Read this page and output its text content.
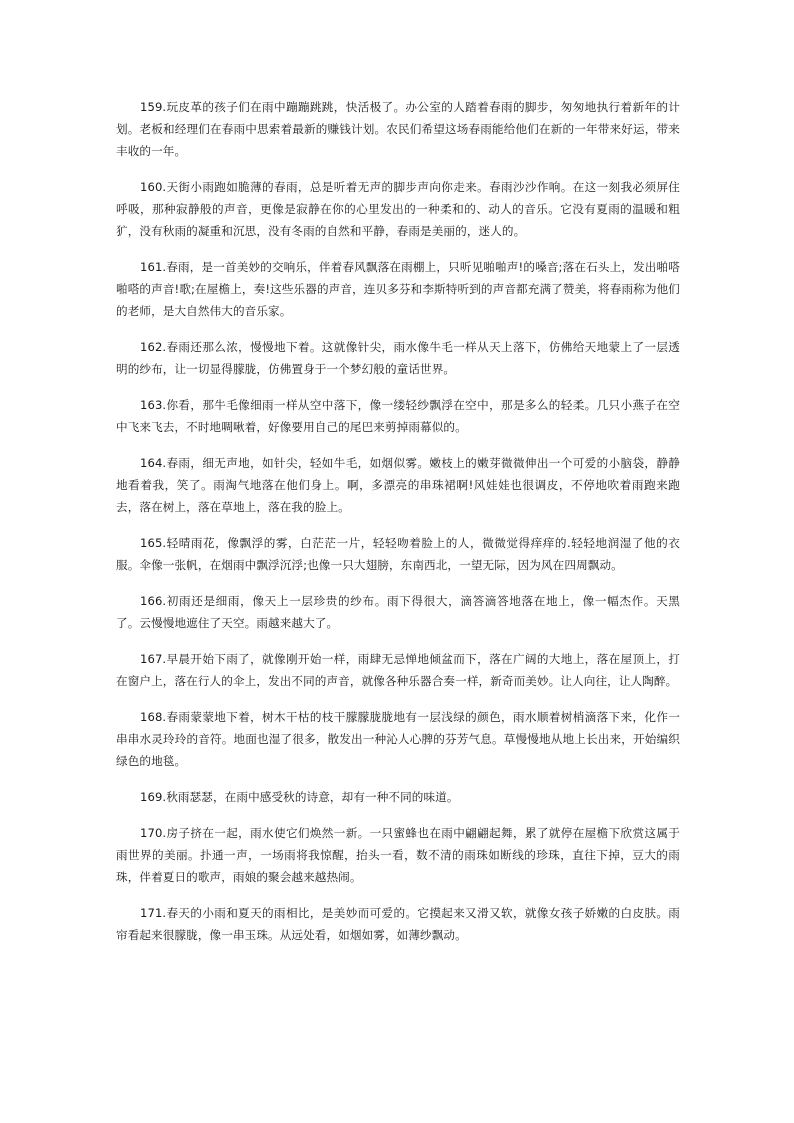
159.玩皮革的孩子们在雨中蹦蹦跳跳，快活极了。办公室的人踏着春雨的脚步，匆匆地执行着新年的计划。老板和经理们在春雨中思索着最新的赚钱计划。农民们希望这场春雨能给他们在新的一年带来好运，带来丰收的一年。

160.天街小雨跑如脆薄的春雨，总是听着无声的脚步声向你走来。春雨沙沙作响。在这一刻我必须屏住呼吸，那种寂静般的声音，更像是寂静在你的心里发出的一种柔和的、动人的音乐。它没有夏雨的温暖和粗犷，没有秋雨的凝重和沉思，没有冬雨的自然和平静，春雨是美丽的，迷人的。

161.春雨，是一首美妙的交响乐，伴着春风飘落在雨棚上，只听见啪啪声!的嗓音;落在石头上，发出啪嗒啪嗒的声音!歌;在屋檐上，奏!这些乐器的声音，连贝多芬和李斯特听到的声音都充满了赞美，将春雨称为他们的老师，是大自然伟大的音乐家。

162.春雨还那么浓，慢慢地下着。这就像针尖，雨水像牛毛一样从天上落下，仿佛给天地蒙上了一层透明的纱布，让一切显得朦胧，仿佛置身于一个梦幻般的童话世界。

163.你看，那牛毛像细雨一样从空中落下，像一缕轻纱飘浮在空中，那是多么的轻柔。几只小燕子在空中飞来飞去，不时地啁啾着，好像要用自己的尾巴来剪掉雨幕似的。

164.春雨，细无声地，如针尖，轻如牛毛，如烟似雾。嫩枝上的嫩芽微微伸出一个可爱的小脑袋，静静地看着我，笑了。雨淘气地落在他们身上。啊，多漂亮的串珠裙啊!风娃娃也很调皮，不停地吹着雨跑来跑去，落在树上，落在草地上，落在我的脸上。

165.轻晴雨花，像飘浮的雾，白茫茫一片，轻轻吻着脸上的人，微微觉得痒痒的.轻轻地润湿了他的衣服。伞像一张帆，在烟雨中飘浮沉浮;也像一只大翅膀，东南西北，一望无际，因为风在四周飘动。

166.初雨还是细雨，像天上一层珍贵的纱布。雨下得很大，滴答滴答地落在地上，像一幅杰作。天黑了。云慢慢地遮住了天空。雨越来越大了。

167.早晨开始下雨了，就像刚开始一样，雨肆无忌惮地倾盆而下，落在广阔的大地上，落在屋顶上，打在窗户上，落在行人的伞上，发出不同的声音，就像各种乐器合奏一样，新奇而美妙。让人向往，让人陶醉。

168.春雨蒙蒙地下着，树木干枯的枝干朦朦胧胧地有一层浅绿的颜色，雨水顺着树梢滴落下来，化作一串串水灵玲玲的音符。地面也湿了很多，散发出一种沁人心脾的芬芳气息。草慢慢地从地上长出来，开始编织绿色的地毯。

169.秋雨瑟瑟，在雨中感受秋的诗意，却有一种不同的味道。

170.房子挤在一起，雨水使它们焕然一新。一只蜜蜂也在雨中翩翩起舞，累了就停在屋檐下欣赏这属于雨世界的美丽。扑通一声，一场雨将我惊醒，抬头一看，数不清的雨珠如断线的珍珠，直往下掉，豆大的雨珠，伴着夏日的歌声，雨娘的聚会越来越热闹。

171.春天的小雨和夏天的雨相比，是美妙而可爱的。它摸起来又滑又软，就像女孩子娇嫩的白皮肤。雨帘看起来很朦胧，像一串玉珠。从远处看，如烟如雾，如薄纱飘动。
